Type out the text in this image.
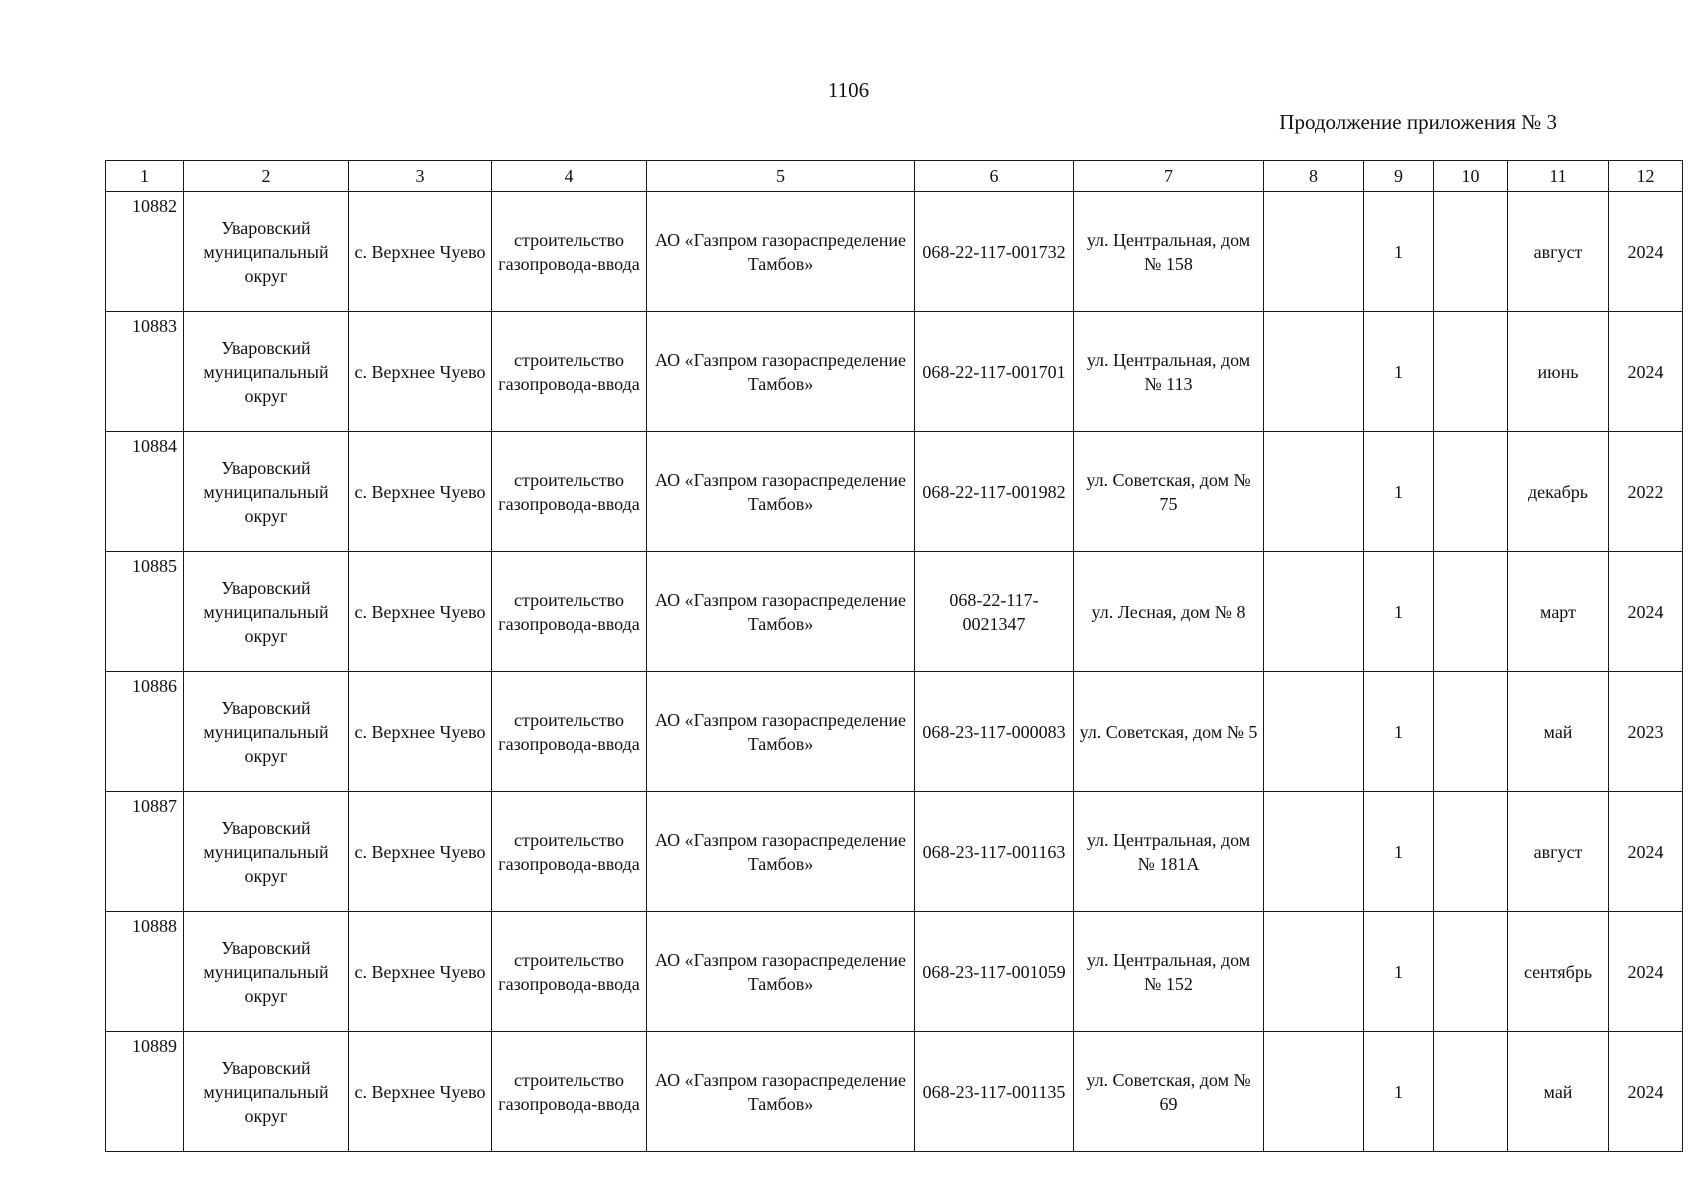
1106
Продолжение приложения № 3
1	2	3	4	5	6	7	8	9	10	11	12
10882	Уваровский муниципальный округ	с. Верхнее Чуево	строительство газопровода-ввода	АО «Газпром газораспределение Тамбов»	068-22-117-001732	ул. Центральная, дом № 158		1		август	2024
10883	Уваровский муниципальный округ	с. Верхнее Чуево	строительство газопровода-ввода	АО «Газпром газораспределение Тамбов»	068-22-117-001701	ул. Центральная, дом № 113		1		июнь	2024
10884	Уваровский муниципальный округ	с. Верхнее Чуево	строительство газопровода-ввода	АО «Газпром газораспределение Тамбов»	068-22-117-001982	ул. Советская, дом № 75		1		декабрь	2022
10885	Уваровский муниципальный округ	с. Верхнее Чуево	строительство газопровода-ввода	АО «Газпром газораспределение Тамбов»	068-22-117-0021347	ул. Лесная, дом № 8		1		март	2024
10886	Уваровский муниципальный округ	с. Верхнее Чуево	строительство газопровода-ввода	АО «Газпром газораспределение Тамбов»	068-23-117-000083	ул. Советская, дом № 5		1		май	2023
10887	Уваровский муниципальный округ	с. Верхнее Чуево	строительство газопровода-ввода	АО «Газпром газораспределение Тамбов»	068-23-117-001163	ул. Центральная, дом № 181А		1		август	2024
10888	Уваровский муниципальный округ	с. Верхнее Чуево	строительство газопровода-ввода	АО «Газпром газораспределение Тамбов»	068-23-117-001059	ул. Центральная, дом № 152		1		сентябрь	2024
10889	Уваровский муниципальный округ	с. Верхнее Чуево	строительство газопровода-ввода	АО «Газпром газораспределение Тамбов»	068-23-117-001135	ул. Советская, дом № 69		1		май	2024
